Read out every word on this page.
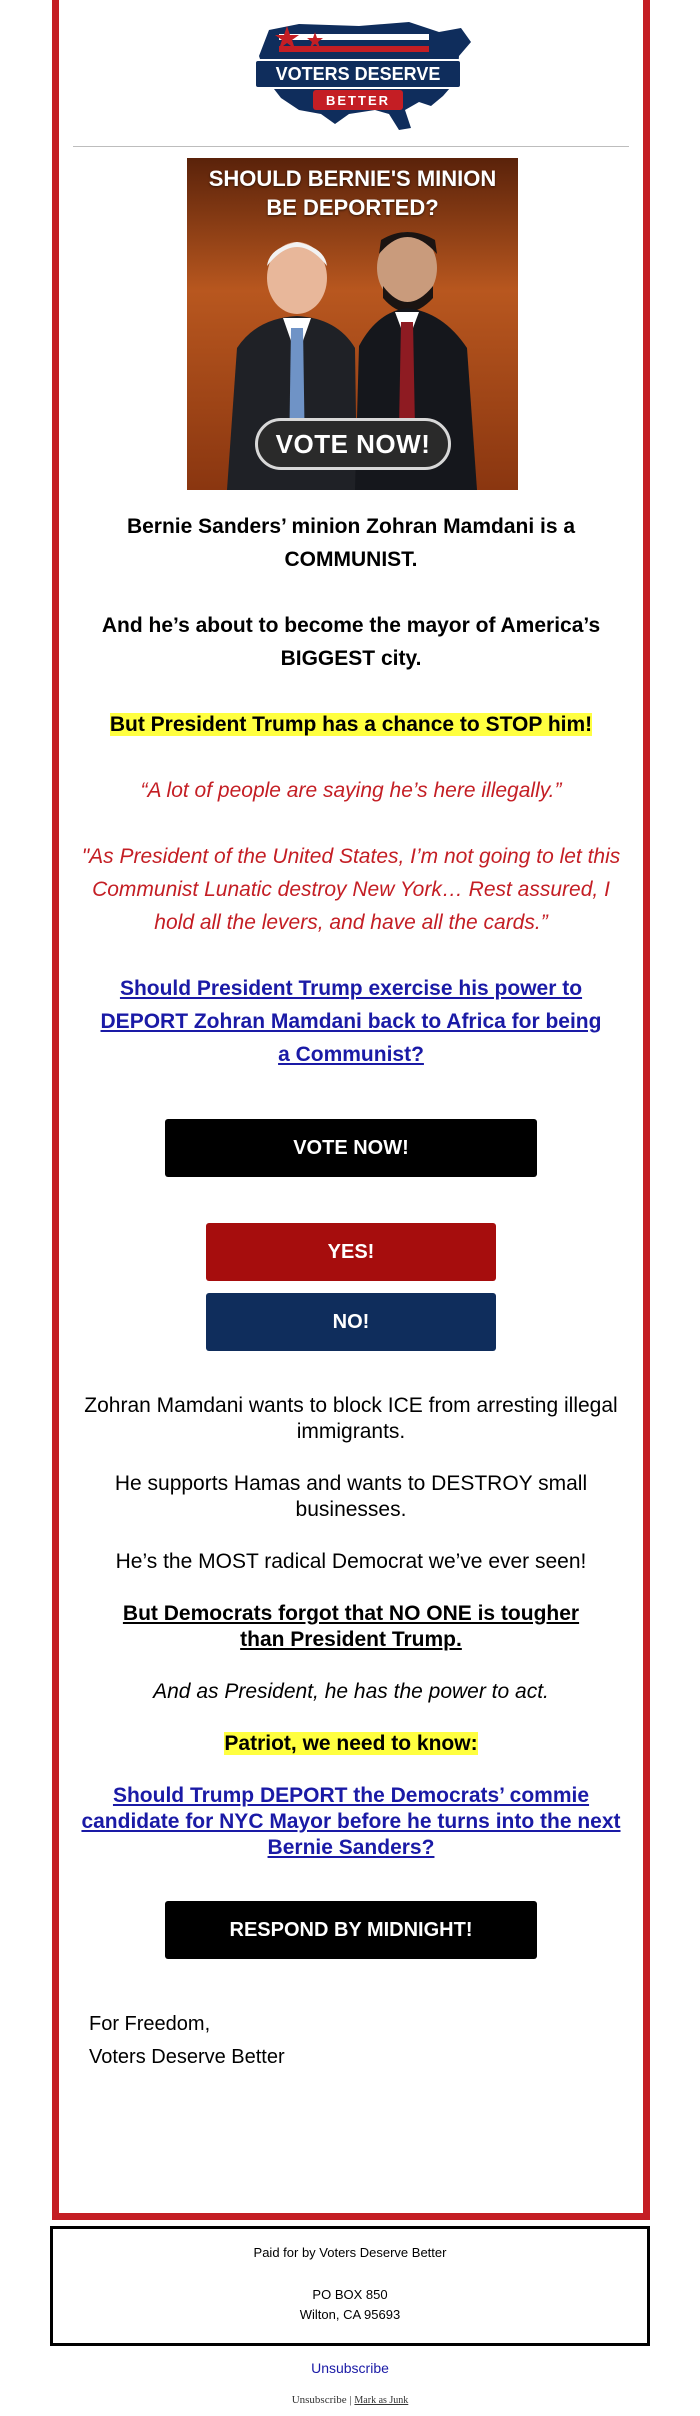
VOTERS DESERVE
BETTER
SHOULD BERNIE'S MINION
BE DEPORTED?
VOTE NOW!

Bernie Sanders’ minion Zohran Mamdani is a COMMUNIST.

And he’s about to become the mayor of America’s BIGGEST city.

But President Trump has a chance to STOP him!

“A lot of people are saying he’s here illegally.”

"As President of the United States, I’m not going to let this Communist Lunatic destroy New York… Rest assured, I hold all the levers, and have all the cards.”

Should President Trump exercise his power to DEPORT Zohran Mamdani back to Africa for being a Communist?
VOTE NOW!
YES!
NO!

Zohran Mamdani wants to block ICE from arresting illegal immigrants.

He supports Hamas and wants to DESTROY small businesses.

He’s the MOST radical Democrat we’ve ever seen!

But Democrats forgot that NO ONE is tougher than President Trump.

And as President, he has the power to act.

Patriot, we need to know:

Should Trump DEPORT the Democrats’ commie candidate for NYC Mayor before he turns into the next Bernie Sanders?
RESPOND BY MIDNIGHT!
For Freedom,
Voters Deserve Better
Paid for by Voters Deserve Better
PO BOX 850
Wilton, CA 95693
Unsubscribe
Unsubscribe | Mark as Junk
